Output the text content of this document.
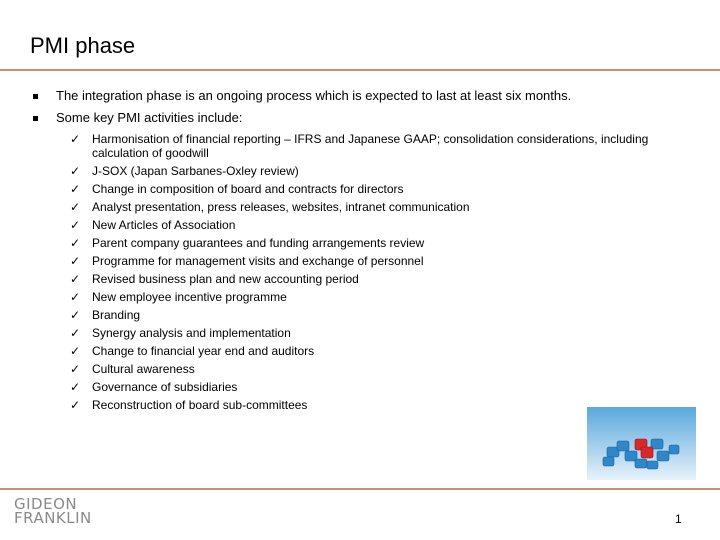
PMI phase
The integration phase is an ongoing process which is expected to last at least six months.
Some key PMI activities include:
✓ Harmonisation of financial reporting – IFRS and Japanese GAAP; consolidation considerations, including calculation of goodwill
✓ J-SOX (Japan Sarbanes-Oxley review)
✓ Change in composition of board and contracts for directors
✓ Analyst presentation, press releases, websites, intranet communication
✓ New Articles of Association
✓ Parent company guarantees and funding arrangements review
✓ Programme for management visits and exchange of personnel
✓ Revised business plan and new accounting period
✓ New employee incentive programme
✓ Branding
✓ Synergy analysis and implementation
✓ Change to financial year end and auditors
✓ Cultural awareness
✓ Governance of subsidiaries
✓ Reconstruction of board sub-committees
GIDEON
FRANKLIN	1
